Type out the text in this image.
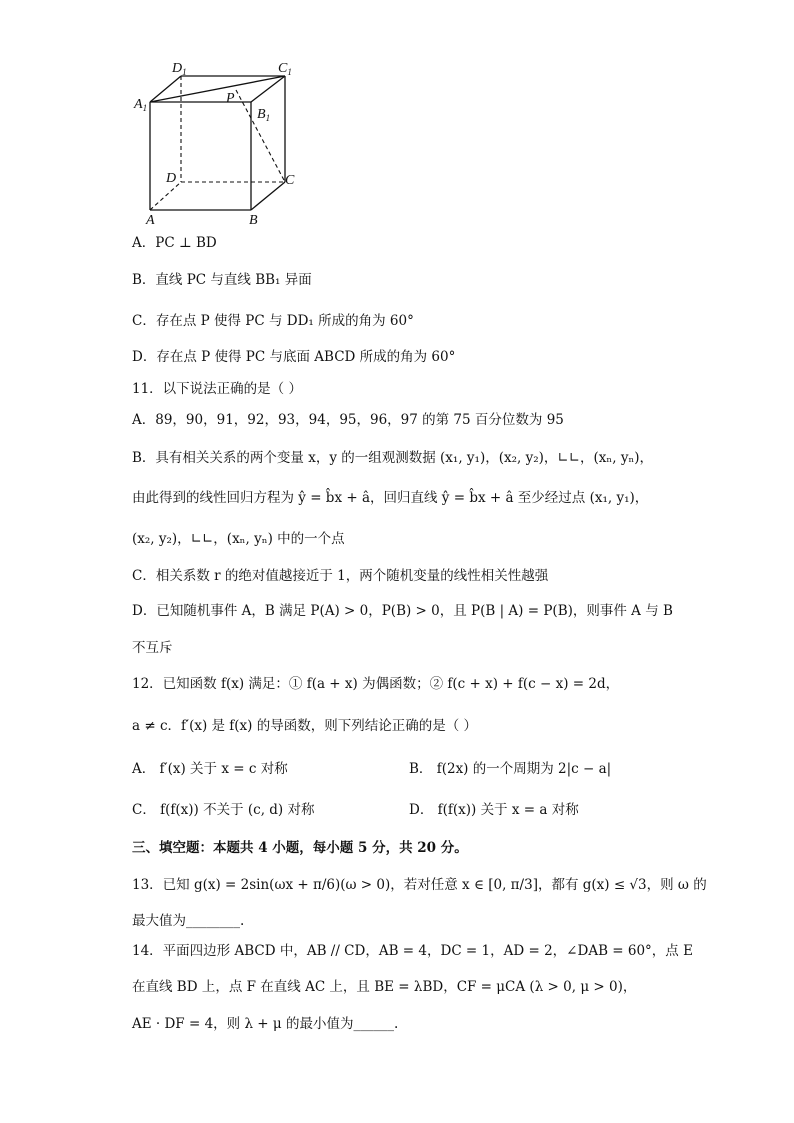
$D_1$	$C_1$
$A_1$
P
$B_1$
D	C
A	B
A．PC ⊥ BD
B．直线 PC 与直线 BB₁ 异面
C．存在点 P 使得 PC 与 DD₁ 所成的角为 60°
D．存在点 P 使得 PC 与底面 ABCD 所成的角为 60°
11．以下说法正确的是（ ）
A．89，90，91，92，93，94，95，96，97 的第 75 百分位数为 95
B．具有相关关系的两个变量 x，y 的一组观测数据 (x₁, y₁)，(x₂, y₂)，∟∟，(xₙ, yₙ)，
由此得到的线性回归方程为 ŷ = b̂x + â，回归直线 ŷ = b̂x + â 至少经过点 (x₁, y₁)，
(x₂, y₂)，∟∟，(xₙ, yₙ) 中的一个点
C．相关系数 r 的绝对值越接近于 1，两个随机变量的线性相关性越强
D．已知随机事件 A，B 满足 P(A) > 0，P(B) > 0，且 P(B | A) = P(B)，则事件 A 与 B
不互斥
12．已知函数 f(x) 满足：① f(a + x) 为偶函数；② f(c + x) + f(c − x) = 2d，
a ≠ c．f′(x) 是 f(x) 的导函数，则下列结论正确的是（ ）
A． f′(x) 关于 x = c 对称	B． f(2x) 的一个周期为 2|c − a|
C． f(f(x)) 不关于 (c, d) 对称	D． f(f(x)) 关于 x = a 对称
三、填空题：本题共 4 小题，每小题 5 分，共 20 分。
13．已知 g(x) = 2sin(ωx + π/6)(ω > 0)，若对任意 x ∈ [0, π/3]，都有 g(x) ≤ √3，则 ω 的
最大值为________.
14．平面四边形 ABCD 中，AB // CD，AB = 4，DC = 1，AD = 2，∠DAB = 60°，点 E
在直线 BD 上，点 F 在直线 AC 上，且 BE = λBD，CF = μCA (λ > 0, μ > 0)，
AE · DF = 4，则 λ + μ 的最小值为______.
